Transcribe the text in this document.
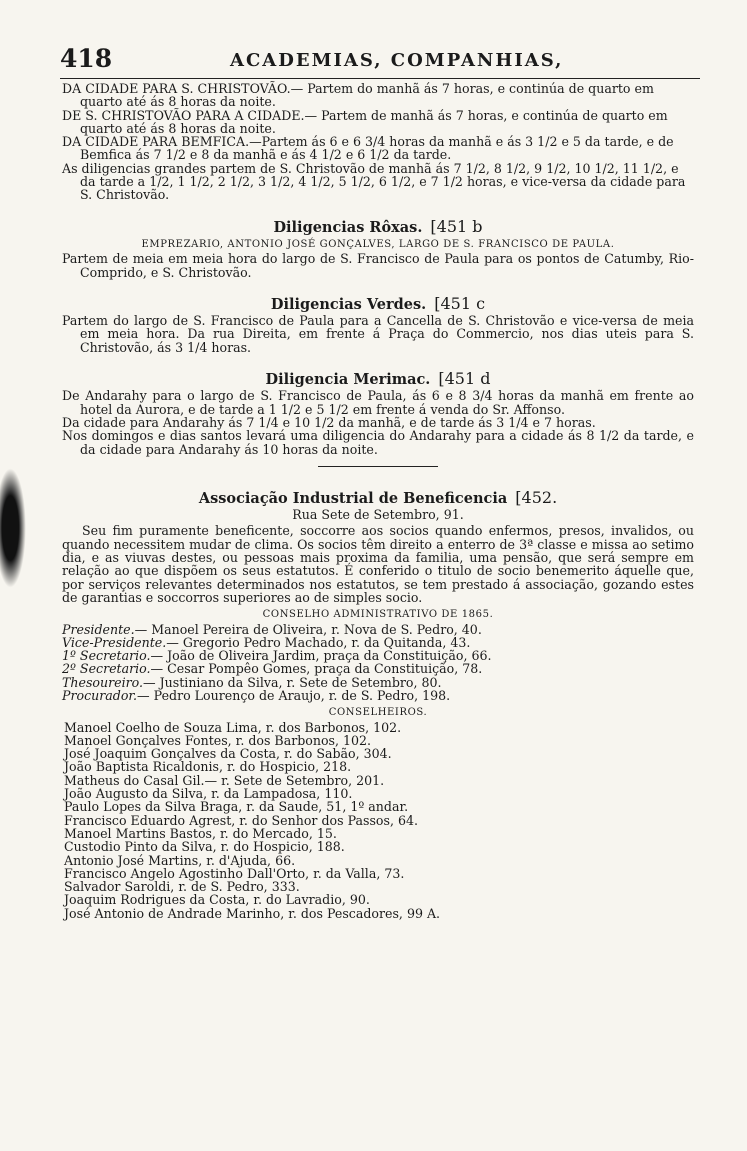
418	ACADEMIAS, COMPANHIAS,

DA CIDADE PARA S. CHRISTOVÃO.— Partem do manhã ás 7 horas, e continúa de quarto em quarto até ás 8 horas da noite.

DE S. CHRISTOVÃO PARA A CIDADE.— Partem de manhã ás 7 horas, e continúa de quarto em quarto até ás 8 horas da noite.

DA CIDADE PARA BEMFICA.—Partem ás 6 e 6 3/4 horas da manhã e ás 3 1/2 e 5 da tarde, e de Bemfica ás 7 1/2 e 8 da manhã e ás 4 1/2 e 6 1/2 da tarde.

As diligencias grandes partem de S. Christovão de manhã ás 7 1/2, 8 1/2, 9 1/2, 10 1/2, 11 1/2, e da tarde a 1/2, 1 1/2, 2 1/2, 3 1/2, 4 1/2, 5 1/2, 6 1/2, e 7 1/2 horas, e vice-versa da cidade para S. Christovão.

Diligencias Rôxas. [451 b
EMPREZARIO, ANTONIO JOSÉ GONÇALVES, LARGO DE S. FRANCISCO DE PAULA.

Partem de meia em meia hora do largo de S. Francisco de Paula para os pontos de Catumby, Rio-Comprido, e S. Christovão.

Diligencias Verdes. [451 c

Partem do largo de S. Francisco de Paula para a Cancella de S. Christovão e vice-versa de meia em meia hora. Da rua Direita, em frente á Praça do Commercio, nos dias uteis para S. Christovão, ás 3 1/4 horas.

Diligencia Merimac. [451 d

De Andarahy para o largo de S. Francisco de Paula, ás 6 e 8 3/4 horas da manhã em frente ao hotel da Aurora, e de tarde a 1 1/2 e 5 1/2 em frente á venda do Sr. Affonso.

Da cidade para Andarahy ás 7 1/4 e 10 1/2 da manhã, e de tarde ás 3 1/4 e 7 horas.

Nos domingos e dias santos levará uma diligencia do Andarahy para a cidade ás 8 1/2 da tarde, e da cidade para Andarahy ás 10 horas da noite.

Associação Industrial de Beneficencia [452.
Rua Sete de Setembro, 91.

Seu fim puramente beneficente, soccorre aos socios quando enfermos, presos, invalidos, ou quando necessitem mudar de clima. Os socios têm direito a enterro de 3ª classe e missa ao setimo dia, e as viuvas destes, ou pessoas mais proxima da familia, uma pensão, que será sempre em relação ao que dispõem os seus estatutos. É conferido o titulo de socio benemerito áquelle que, por serviços relevantes determinados nos estatutos, se tem prestado á associação, gozando estes de garantias e soccorros superiores ao de simples socio.

CONSELHO ADMINISTRATIVO DE 1865.

Presidente.— Manoel Pereira de Oliveira, r. Nova de S. Pedro, 40.

Vice-Presidente.— Gregorio Pedro Machado, r. da Quitanda, 43.

1º Secretario.— João de Oliveira Jardim, praça da Constituição, 66.

2º Secretario.— Cesar Pompêo Gomes, praça da Constituição, 78.

Thesoureiro.— Justiniano da Silva, r. Sete de Setembro, 80.

Procurador.— Pedro Lourenço de Araujo, r. de S. Pedro, 198.

CONSELHEIROS.

Manoel Coelho de Souza Lima, r. dos Barbonos, 102.

Manoel Gonçalves Fontes, r. dos Barbonos, 102.

José Joaquim Gonçalves da Costa, r. do Sabão, 304.

João Baptista Ricaldonis, r. do Hospicio, 218.

Matheus do Casal Gil.— r. Sete de Setembro, 201.

João Augusto da Silva, r. da Lampadosa, 110.

Paulo Lopes da Silva Braga, r. da Saude, 51, 1º andar.

Francisco Eduardo Agrest, r. do Senhor dos Passos, 64.

Manoel Martins Bastos, r. do Mercado, 15.

Custodio Pinto da Silva, r. do Hospicio, 188.

Antonio José Martins, r. d'Ajuda, 66.

Francisco Angelo Agostinho Dall'Orto, r. da Valla, 73.

Salvador Saroldi, r. de S. Pedro, 333.

Joaquim Rodrigues da Costa, r. do Lavradio, 90.

José Antonio de Andrade Marinho, r. dos Pescadores, 99 A.
